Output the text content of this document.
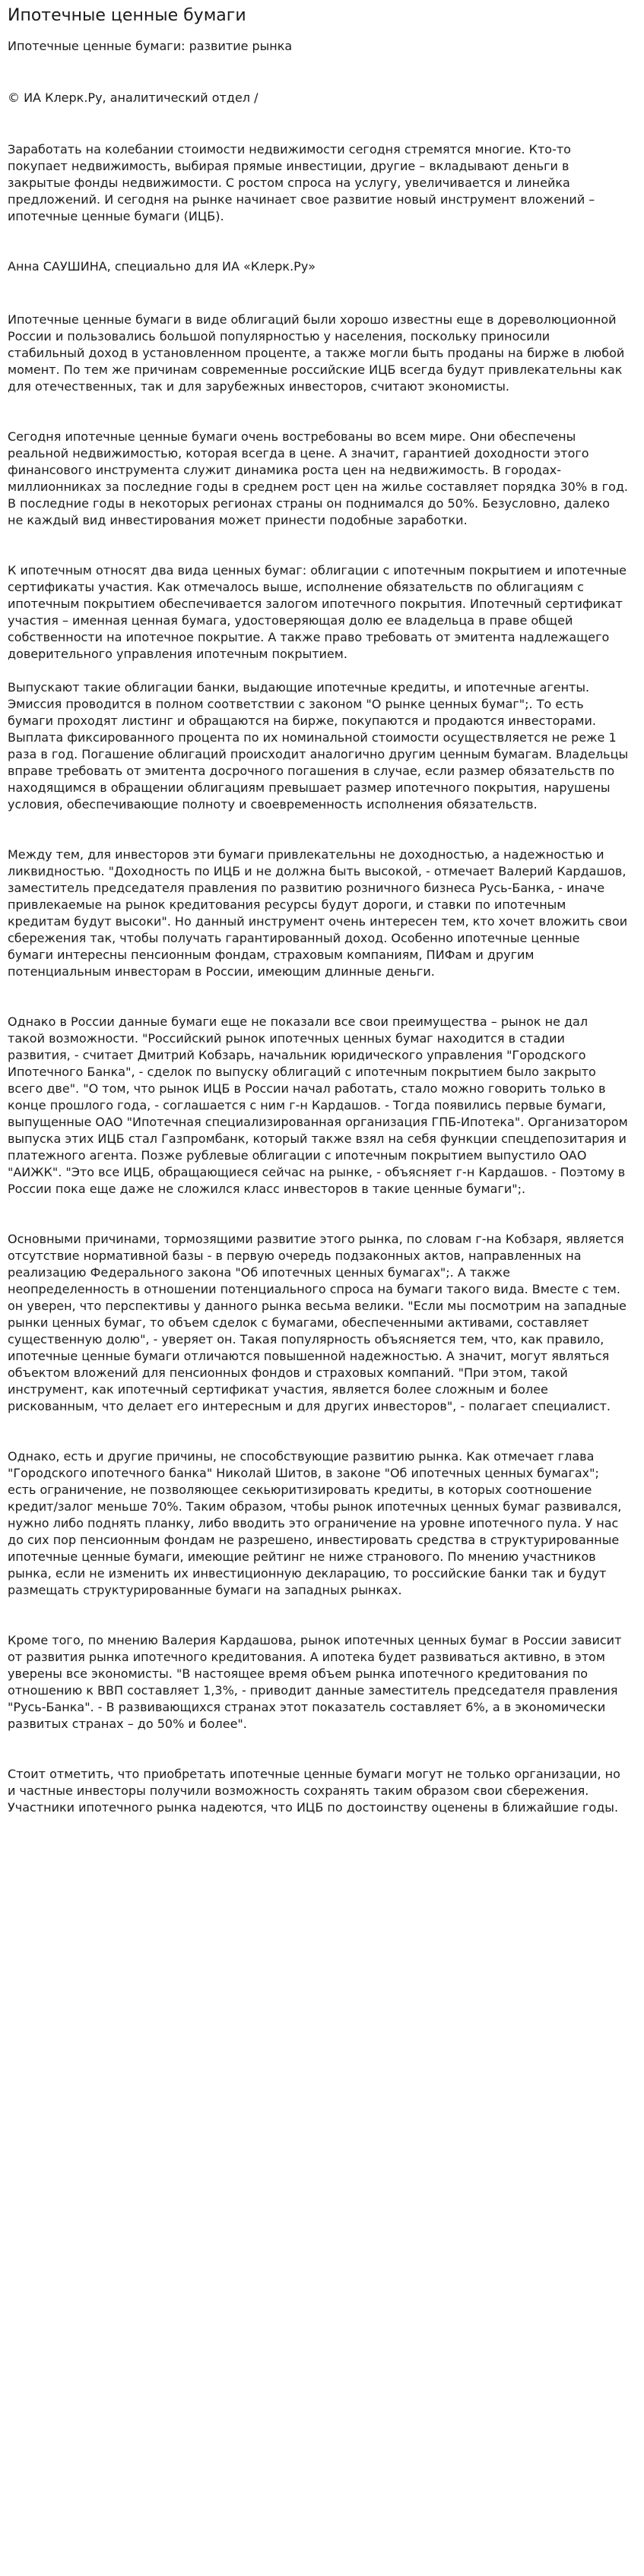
Ипотечные ценные бумаги
Ипотечные ценные бумаги: развитие рынка
© ИА Клерк.Ру, аналитический отдел /
Заработать на колебании стоимости недвижимости сегодня стремятся многие. Кто-то покупает недвижимость, выбирая прямые инвестиции, другие – вкладывают деньги в закрытые фонды недвижимости. С ростом спроса на услугу, увеличивается и линейка предложений. И сегодня на рынке начинает свое развитие новый инструмент вложений – ипотечные ценные бумаги (ИЦБ).
Анна САУШИНА, специально для ИА «Клерк.Ру»
Ипотечные ценные бумаги в виде облигаций были хорошо известны еще в дореволюционной России и пользовались большой популярностью у населения, поскольку приносили стабильный доход в установленном проценте, а также могли быть проданы на бирже в любой момент. По тем же причинам современные российские ИЦБ всегда будут привлекательны как для отечественных, так и для зарубежных инвесторов, считают экономисты.
Сегодня ипотечные ценные бумаги очень востребованы во всем мире. Они обеспечены реальной недвижимостью, которая всегда в цене. А значит, гарантией доходности этого финансового инструмента служит динамика роста цен на недвижимость. В городах-миллионниках за последние годы в среднем рост цен на жилье составляет порядка 30% в год. В последние годы в некоторых регионах страны он поднимался до 50%. Безусловно, далеко не каждый вид инвестирования может принести подобные заработки.
К ипотечным относят два вида ценных бумаг: облигации с ипотечным покрытием и ипотечные сертификаты участия. Как отмечалось выше, исполнение обязательств по облигациям с ипотечным покрытием обеспечивается залогом ипотечного покрытия. Ипотечный сертификат участия – именная ценная бумага, удостоверяющая долю ее владельца в праве общей собственности на ипотечное покрытие. А также право требовать от эмитента надлежащего доверительного управления ипотечным покрытием.
Выпускают такие облигации банки, выдающие ипотечные кредиты, и ипотечные агенты. Эмиссия проводится в полном соответствии с законом "О рынке ценных бумаг";. То есть бумаги проходят листинг и обращаются на бирже, покупаются и продаются инвесторами. Выплата фиксированного процента по их номинальной стоимости осуществляется не реже 1 раза в год. Погашение облигаций происходит аналогично другим ценным бумагам. Владельцы вправе требовать от эмитента досрочного погашения в случае, если размер обязательств по находящимся в обращении облигациям превышает размер ипотечного покрытия, нарушены условия, обеспечивающие полноту и своевременность исполнения обязательств.
Между тем, для инвесторов эти бумаги привлекательны не доходностью, а надежностью и ликвидностью. "Доходность по ИЦБ и не должна быть высокой, - отмечает Валерий Кардашов, заместитель председателя правления по развитию розничного бизнеса Русь-Банка, - иначе привлекаемые на рынок кредитования ресурсы будут дороги, и ставки по ипотечным кредитам будут высоки". Но данный инструмент очень интересен тем, кто хочет вложить свои сбережения так, чтобы получать гарантированный доход. Особенно ипотечные ценные бумаги интересны пенсионным фондам, страховым компаниям, ПИФам и другим потенциальным инвесторам в России, имеющим длинные деньги.
Однако в России данные бумаги еще не показали все свои преимущества – рынок не дал такой возможности. "Российский рынок ипотечных ценных бумаг находится в стадии развития, - считает Дмитрий Кобзарь, начальник юридического управления "Городского Ипотечного Банка", - сделок по выпуску облигаций с ипотечным покрытием было закрыто всего две". "О том, что рынок ИЦБ в России начал работать, стало можно говорить только в конце прошлого года, - соглашается с ним г-н Кардашов. - Тогда появились первые бумаги, выпущенные ОАО "Ипотечная специализированная организация ГПБ-Ипотека". Организатором выпуска этих ИЦБ стал Газпромбанк, который также взял на себя функции спецдепозитария и платежного агента. Позже рублевые облигации с ипотечным покрытием выпустило ОАО "АИЖК". "Это все ИЦБ, обращающиеся сейчас на рынке, - объясняет г-н Кардашов. - Поэтому в России пока еще даже не сложился класс инвесторов в такие ценные бумаги";.
Основными причинами, тормозящими развитие этого рынка, по словам г-на Кобзаря, является отсутствие нормативной базы - в первую очередь подзаконных актов, направленных на реализацию Федерального закона "Об ипотечных ценных бумагах";. А также неопределенность в отношении потенциального спроса на бумаги такого вида. Вместе с тем. он уверен, что перспективы у данного рынка весьма велики. "Если мы посмотрим на западные рынки ценных бумаг, то объем сделок с бумагами, обеспеченными активами, составляет существенную долю", - уверяет он. Такая популярность объясняется тем, что, как правило, ипотечные ценные бумаги отличаются повышенной надежностью. А значит, могут являться объектом вложений для пенсионных фондов и страховых компаний. "При этом, такой инструмент, как ипотечный сертификат участия, является более сложным и более рискованным, что делает его интересным и для других инвесторов", - полагает специалист.
Однако, есть и другие причины, не способствующие развитию рынка. Как отмечает глава "Городского ипотечного банка" Николай Шитов, в законе "Об ипотечных ценных бумагах"; есть ограничение, не позволяющее секьюритизировать кредиты, в которых соотношение кредит/залог меньше 70%. Таким образом, чтобы рынок ипотечных ценных бумаг развивался, нужно либо поднять планку, либо вводить это ограничение на уровне ипотечного пула. У нас до сих пор пенсионным фондам не разрешено, инвестировать средства в структурированные ипотечные ценные бумаги, имеющие рейтинг не ниже странового. По мнению участников рынка, если не изменить их инвестиционную декларацию, то российские банки так и будут размещать структурированные бумаги на западных рынках.
Кроме того, по мнению Валерия Кардашова, рынок ипотечных ценных бумаг в России зависит от развития рынка ипотечного кредитования. А ипотека будет развиваться активно, в этом уверены все экономисты. "В настоящее время объем рынка ипотечного кредитования по отношению к ВВП составляет 1,3%, - приводит данные заместитель председателя правления "Русь-Банка". - В развивающихся странах этот показатель составляет 6%, а в экономически развитых странах – до 50% и более".
Стоит отметить, что приобретать ипотечные ценные бумаги могут не только организации, но и частные инвесторы получили возможность сохранять таким образом свои сбережения. Участники ипотечного рынка надеются, что ИЦБ по достоинству оценены в ближайшие годы.
